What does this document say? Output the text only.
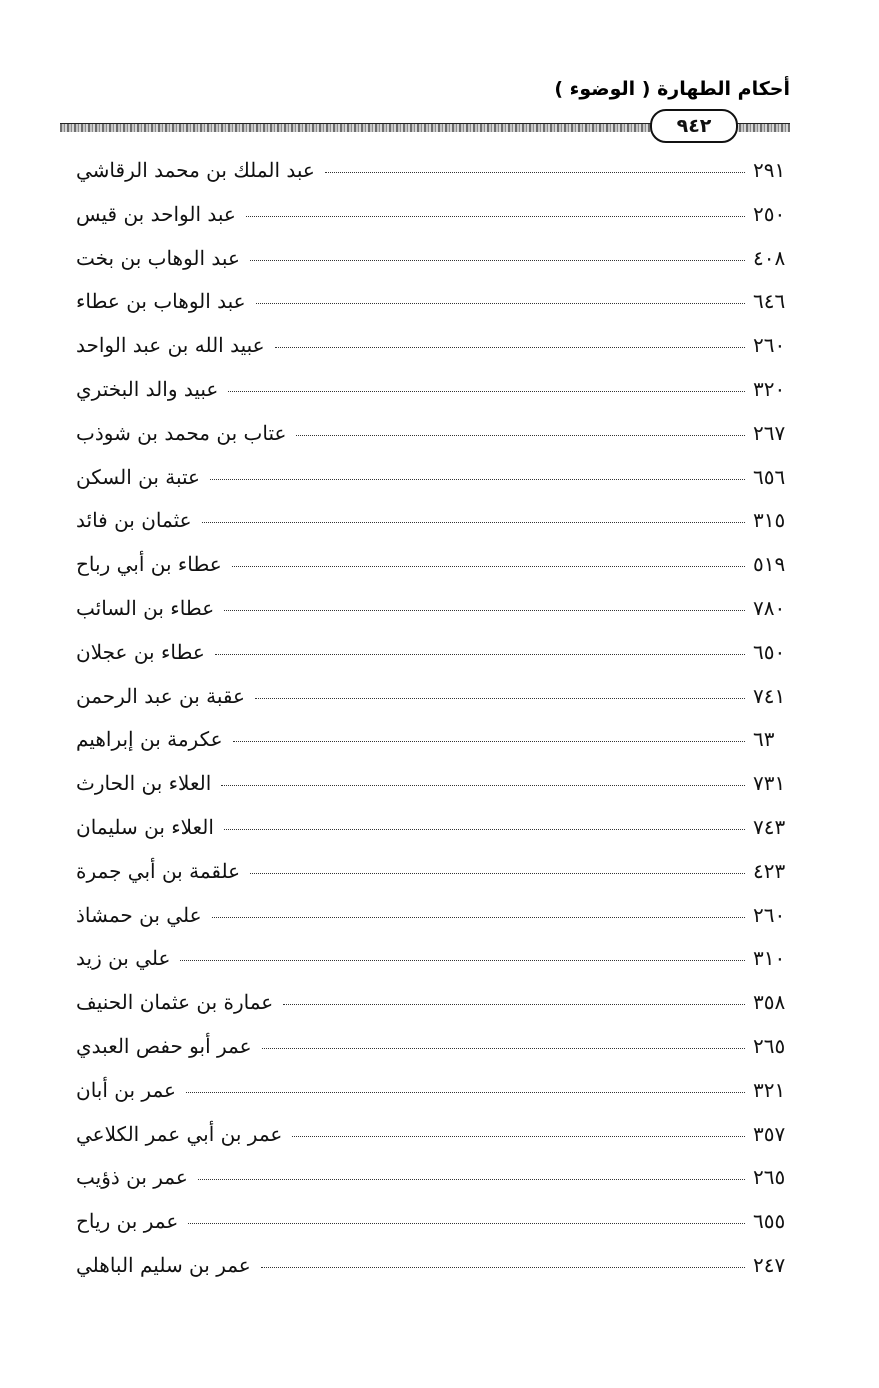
أحكام الطهارة ( الوضوء )
٩٤٢
عبد الملك بن محمد الرقاشي	٢٩١
عبد الواحد بن قيس	٢٥٠
عبد الوهاب بن بخت	٤٠٨
عبد الوهاب بن عطاء	٦٤٦
عبيد الله بن عبد الواحد	٢٦٠
عبيد والد البختري	٣٢٠
عتاب بن محمد بن شوذب	٢٦٧
عتبة بن السكن	٦٥٦
عثمان بن فائد	٣١٥
عطاء بن أبي رباح	٥١٩
عطاء بن السائب	٧٨٠
عطاء بن عجلان	٦٥٠
عقبة بن عبد الرحمن	٧٤١
عكرمة بن إبراهيم	٦٣
العلاء بن الحارث	٧٣١
العلاء بن سليمان	٧٤٣
علقمة بن أبي جمرة	٤٢٣
علي بن حمشاذ	٢٦٠
علي بن زيد	٣١٠
عمارة بن عثمان الحنيف	٣٥٨
عمر أبو حفص العبدي	٢٦٥
عمر بن أبان	٣٢١
عمر بن أبي عمر الكلاعي	٣٥٧
عمر بن ذؤيب	٢٦٥
عمر بن رياح	٦٥٥
عمر بن سليم الباهلي	٢٤٧
